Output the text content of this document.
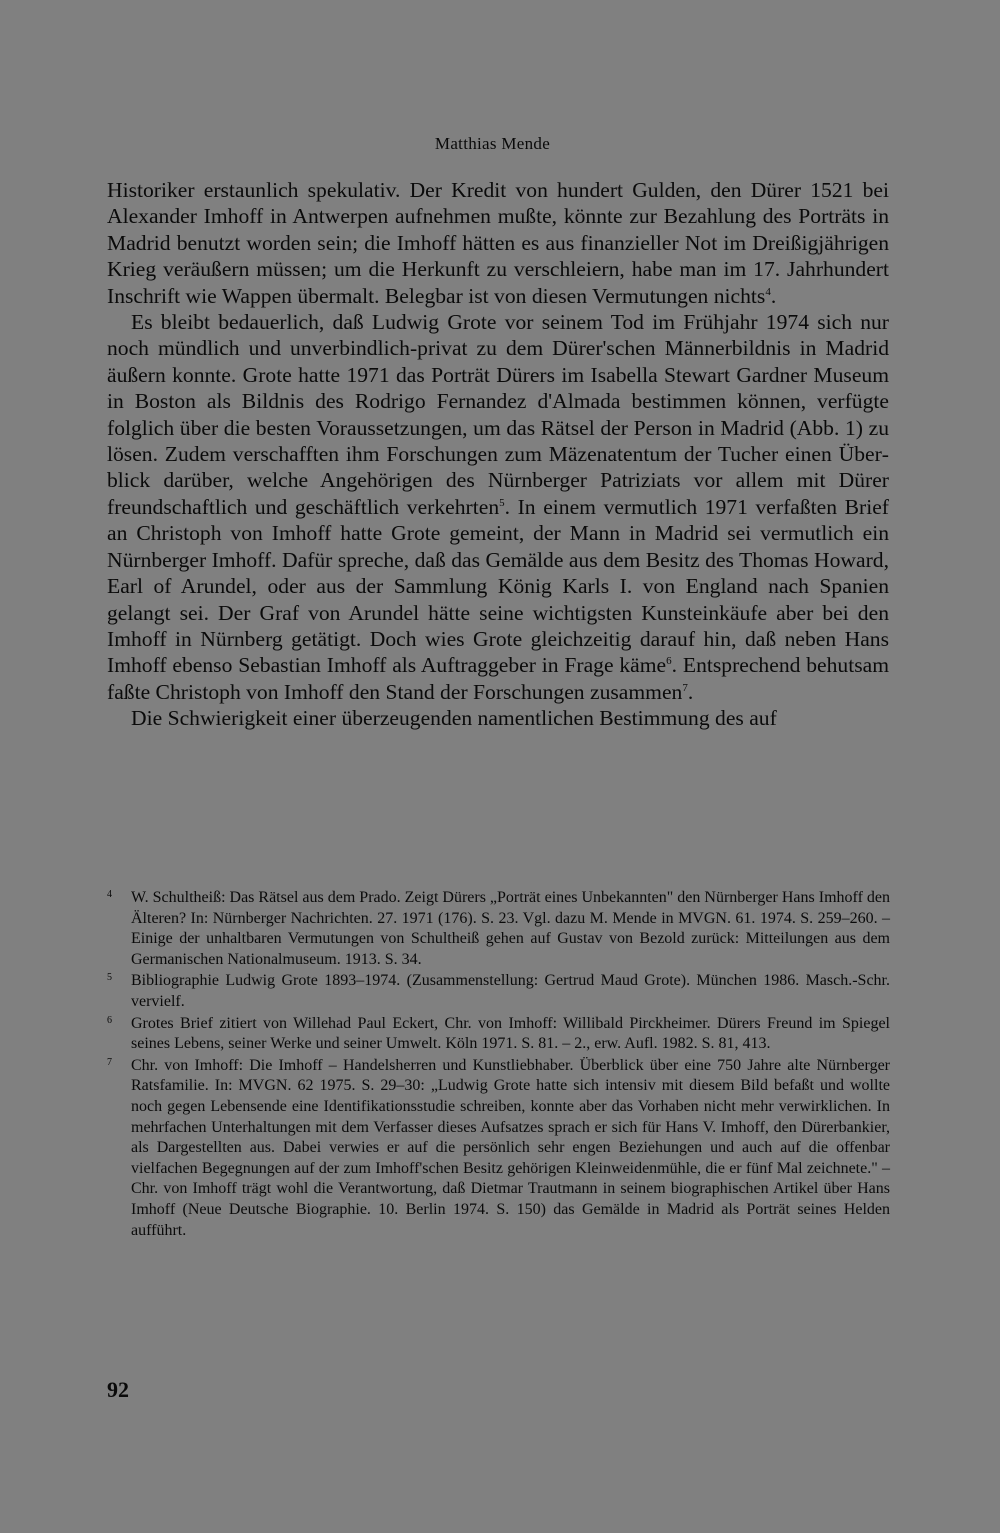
Matthias Mende

Historiker erstaunlich spekulativ. Der Kredit von hundert Gulden, den Dürer 1521 bei Alexander Imhoff in Antwerpen aufnehmen mußte, könnte zur Bezahlung des Porträts in Madrid benutzt worden sein; die Imhoff hätten es aus finanzieller Not im Dreißigjährigen Krieg veräußern müssen; um die Herkunft zu verschleiern, habe man im 17. Jahrhundert Inschrift wie Wappen übermalt. Belegbar ist von diesen Vermutungen nichts$^4$.

Es bleibt bedauerlich, daß Ludwig Grote vor seinem Tod im Frühjahr 1974 sich nur noch mündlich und unverbindlich-privat zu dem Dürer'schen Männerbildnis in Madrid äußern konnte. Grote hatte 1971 das Porträt Dürers im Isabella Stewart Gardner Museum in Boston als Bildnis des Rodrigo Fernandez d'Almada bestimmen können, verfügte folglich über die besten Voraussetzungen, um das Rätsel der Person in Madrid (Abb. 1) zu lösen. Zudem verschafften ihm Forschungen zum Mäzenatentum der Tucher einen Überblick darüber, welche Angehörigen des Nürnberger Patriziats vor allem mit Dürer freundschaftlich und geschäftlich verkehrten$^5$. In einem vermutlich 1971 verfaßten Brief an Christoph von Imhoff hatte Grote gemeint, der Mann in Madrid sei vermutlich ein Nürnberger Imhoff. Dafür spreche, daß das Gemälde aus dem Besitz des Thomas Howard, Earl of Arundel, oder aus der Sammlung König Karls I. von England nach Spanien gelangt sei. Der Graf von Arundel hätte seine wichtigsten Kunsteinkäufe aber bei den Imhoff in Nürnberg getätigt. Doch wies Grote gleichzeitig darauf hin, daß neben Hans Imhoff ebenso Sebastian Imhoff als Auftraggeber in Frage käme$^6$. Entsprechend behutsam faßte Christoph von Imhoff den Stand der Forschungen zusammen$^7$.

Die Schwierigkeit einer überzeugenden namentlichen Bestimmung des auf

4 W. Schultheiß: Das Rätsel aus dem Prado. Zeigt Dürers „Porträt eines Unbekannten" den Nürnberger Hans Imhoff den Älteren? In: Nürnberger Nachrichten. 27. 1971 (176). S. 23. Vgl. dazu M. Mende in MVGN. 61. 1974. S. 259–260. – Einige der unhaltbaren Vermutungen von Schultheiß gehen auf Gustav von Bezold zurück: Mitteilungen aus dem Germanischen Nationalmuseum. 1913. S. 34.
5 Bibliographie Ludwig Grote 1893–1974. (Zusammenstellung: Gertrud Maud Grote). München 1986. Masch.-Schr. vervielf.
6 Grotes Brief zitiert von Willehad Paul Eckert, Chr. von Imhoff: Willibald Pirckheimer. Dürers Freund im Spiegel seines Lebens, seiner Werke und seiner Umwelt. Köln 1971. S. 81. – 2., erw. Aufl. 1982. S. 81, 413.
7 Chr. von Imhoff: Die Imhoff – Handelsherren und Kunstliebhaber. Überblick über eine 750 Jahre alte Nürnberger Ratsfamilie. In: MVGN. 62 1975. S. 29–30: „Ludwig Grote hatte sich intensiv mit diesem Bild befaßt und wollte noch gegen Lebensende eine Identifikationsstudie schreiben, konnte aber das Vorhaben nicht mehr verwirklichen. In mehrfachen Unterhaltungen mit dem Verfasser dieses Aufsatzes sprach er sich für Hans V. Imhoff, den Dürerbankier, als Dargestellten aus. Dabei verwies er auf die persönlich sehr engen Beziehungen und auch auf die offenbar vielfachen Begegnungen auf der zum Imhoff'schen Besitz gehörigen Kleinweidenmühle, die er fünf Mal zeichnete." – Chr. von Imhoff trägt wohl die Verantwortung, daß Dietmar Trautmann in seinem biographischen Artikel über Hans Imhoff (Neue Deutsche Biographie. 10. Berlin 1974. S. 150) das Gemälde in Madrid als Porträt seines Helden aufführt.
92
